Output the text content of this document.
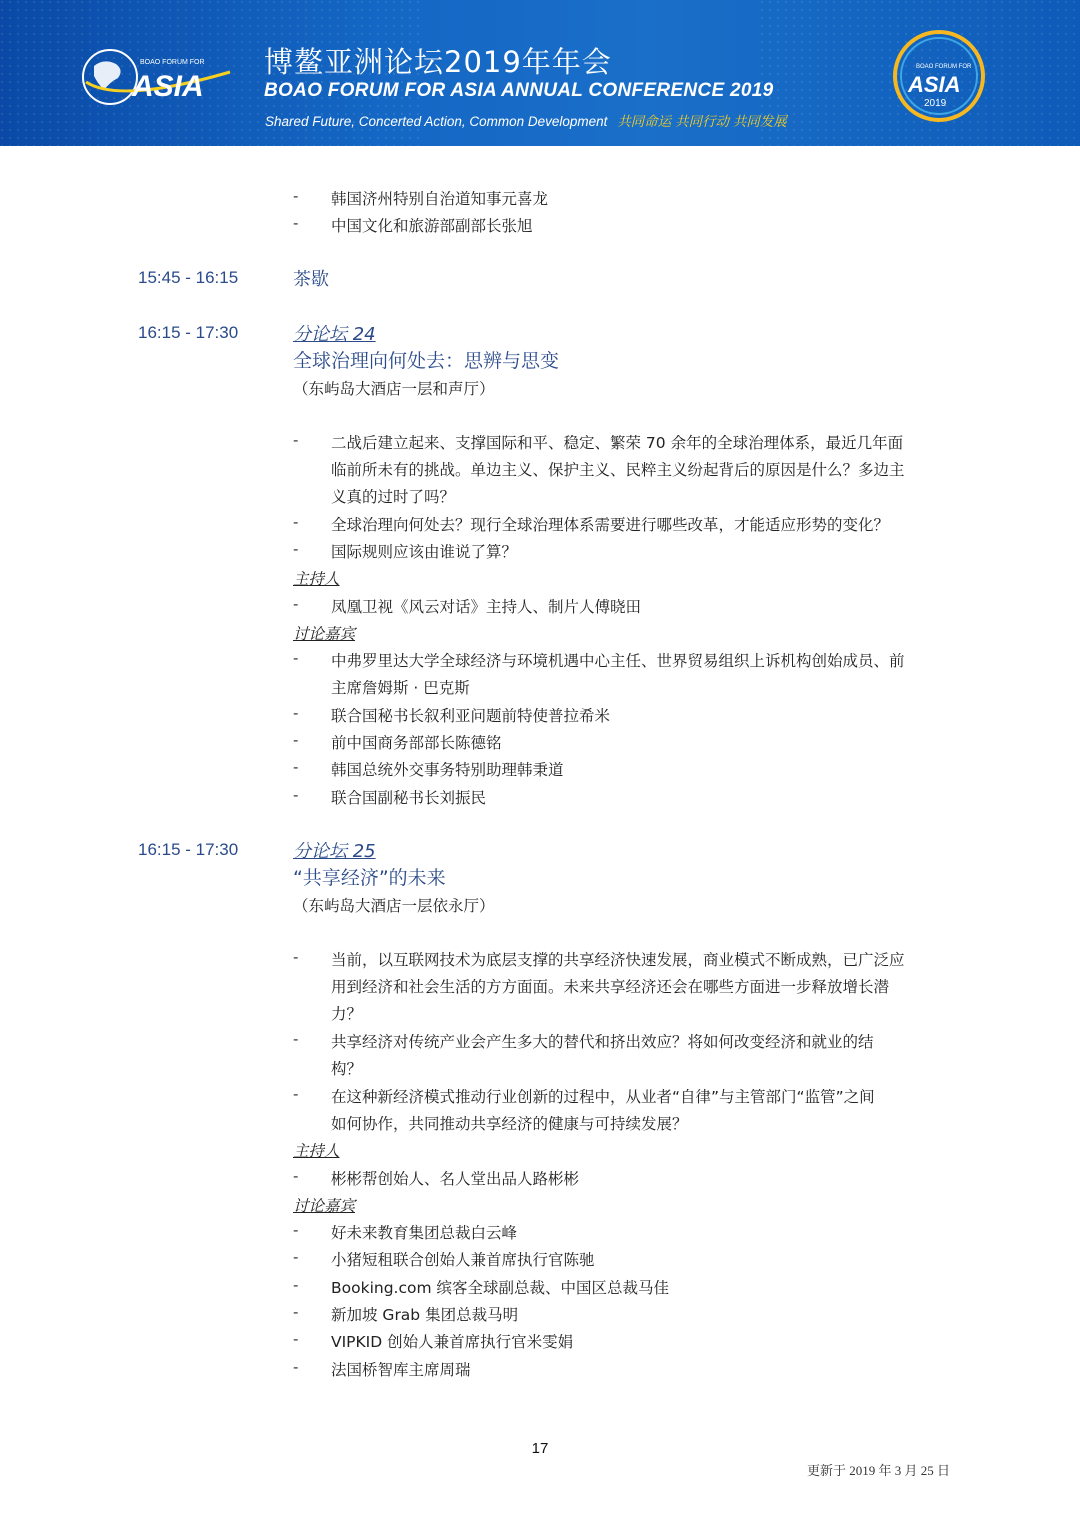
BOAO FORUM FOR
ASIA
博鳌亚洲论坛2019年年会
BOAO FORUM FOR ASIA ANNUAL CONFERENCE 2019
Shared Future, Concerted Action, Common Development 共同命运 共同行动 共同发展
BOAO FORUM FOR
ASIA
2019
- 韩国济州特别自治道知事元喜龙
- 中国文化和旅游部副部长张旭
15:45 - 16:15	茶歇
16:15 - 17:30	分论坛 24
全球治理向何处去：思辨与思变
（东屿岛大酒店一层和声厅）
- 二战后建立起来、支撑国际和平、稳定、繁荣 70 余年的全球治理体系，最近几年面
临前所未有的挑战。单边主义、保护主义、民粹主义纷起背后的原因是什么？多边主
义真的过时了吗？
- 全球治理向何处去？现行全球治理体系需要进行哪些改革，才能适应形势的变化？
- 国际规则应该由谁说了算？
主持人
- 凤凰卫视《风云对话》主持人、制片人傅晓田
讨论嘉宾
- 中弗罗里达大学全球经济与环境机遇中心主任、世界贸易组织上诉机构创始成员、前
主席詹姆斯 · 巴克斯
- 联合国秘书长叙利亚问题前特使普拉希米
- 前中国商务部部长陈德铭
- 韩国总统外交事务特别助理韩秉道
- 联合国副秘书长刘振民
16:15 - 17:30	分论坛 25
“共享经济”的未来
（东屿岛大酒店一层依永厅）
- 当前，以互联网技术为底层支撑的共享经济快速发展，商业模式不断成熟，已广泛应
用到经济和社会生活的方方面面。未来共享经济还会在哪些方面进一步释放增长潜
力？
- 共享经济对传统产业会产生多大的替代和挤出效应？将如何改变经济和就业的结
构？
- 在这种新经济模式推动行业创新的过程中，从业者“自律”与主管部门“监管”之间
如何协作，共同推动共享经济的健康与可持续发展？
主持人
- 彬彬帮创始人、名人堂出品人路彬彬
讨论嘉宾
- 好未来教育集团总裁白云峰
- 小猪短租联合创始人兼首席执行官陈驰
- Booking.com 缤客全球副总裁、中国区总裁马佳
- 新加坡 Grab 集团总裁马明
- VIPKID 创始人兼首席执行官米雯娟
- 法国桥智库主席周瑞
17
更新于 2019 年 3 月 25 日
